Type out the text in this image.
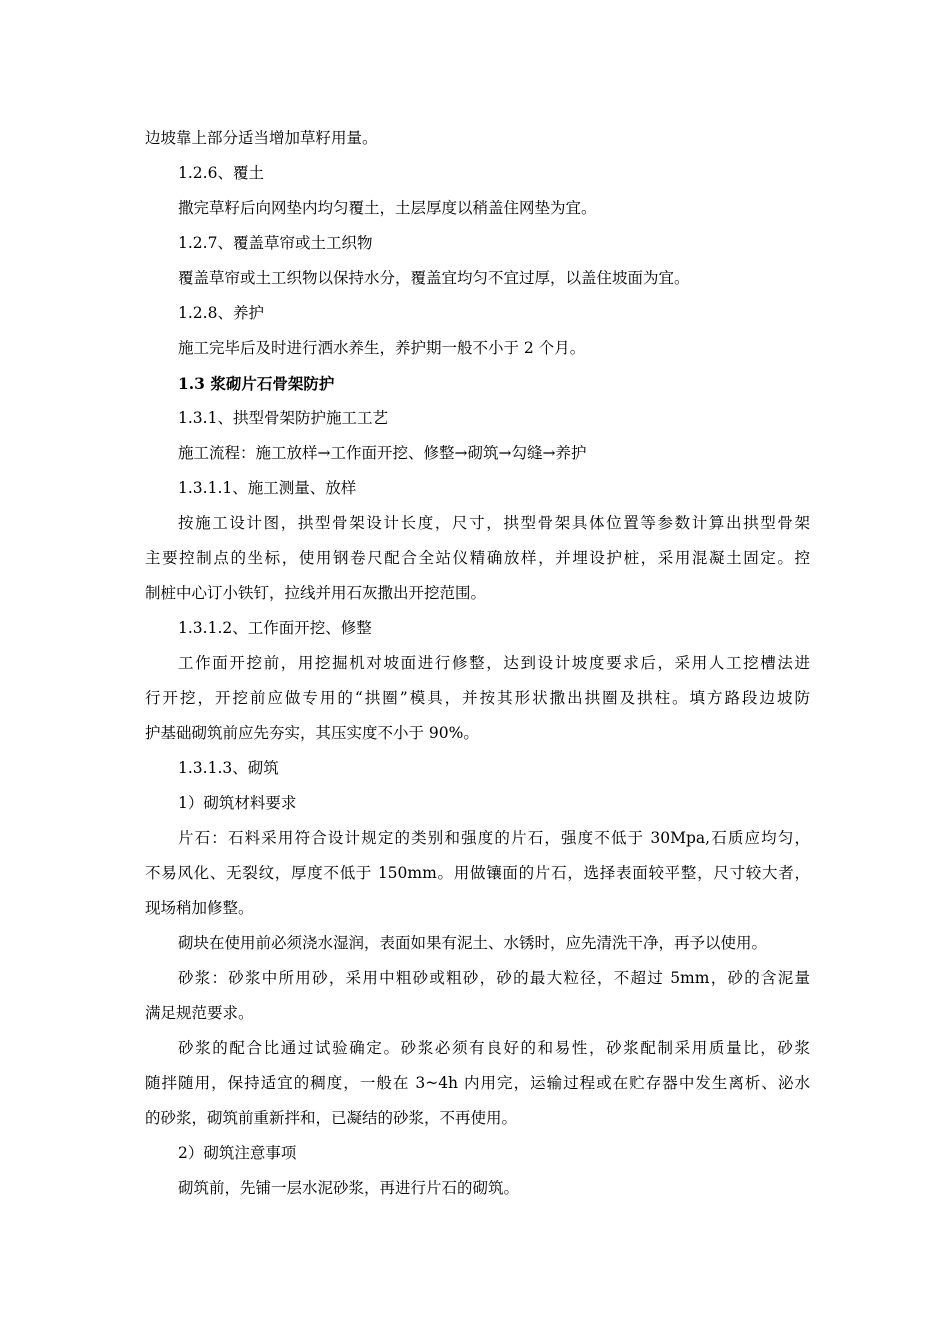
边坡靠上部分适当增加草籽用量。

1.2.6、覆土

撒完草籽后向网垫内均匀覆土，土层厚度以稍盖住网垫为宜。

1.2.7、覆盖草帘或土工织物

覆盖草帘或土工织物以保持水分，覆盖宜均匀不宜过厚，以盖住坡面为宜。

1.2.8、养护

施工完毕后及时进行洒水养生，养护期一般不小于 2 个月。

1.3 浆砌片石骨架防护

1.3.1、拱型骨架防护施工工艺

施工流程：施工放样→工作面开挖、修整→砌筑→勾缝→养护

1.3.1.1、施工测量、放样

按施工设计图，拱型骨架设计长度，尺寸，拱型骨架具体位置等参数计算出拱型骨架

主要控制点的坐标，使用钢卷尺配合全站仪精确放样，并埋设护桩，采用混凝土固定。控

制桩中心订小铁钉，拉线并用石灰撒出开挖范围。

1.3.1.2、工作面开挖、修整

工作面开挖前，用挖掘机对坡面进行修整，达到设计坡度要求后，采用人工挖槽法进

行开挖，开挖前应做专用的“拱圈”模具，并按其形状撒出拱圈及拱柱。填方路段边坡防

护基础砌筑前应先夯实，其压实度不小于 90%。

1.3.1.3、砌筑

1）砌筑材料要求

片石：石料采用符合设计规定的类别和强度的片石，强度不低于 30Mpa,石质应均匀，

不易风化、无裂纹，厚度不低于 150mm。用做镶面的片石，选择表面较平整，尺寸较大者，

现场稍加修整。

砌块在使用前必须浇水湿润，表面如果有泥土、水锈时，应先清洗干净，再予以使用。

砂浆：砂浆中所用砂，采用中粗砂或粗砂，砂的最大粒径，不超过 5mm，砂的含泥量

满足规范要求。

砂浆的配合比通过试验确定。砂浆必须有良好的和易性，砂浆配制采用质量比，砂浆

随拌随用，保持适宜的稠度，一般在 3~4h 内用完，运输过程或在贮存器中发生离析、泌水

的砂浆，砌筑前重新拌和，已凝结的砂浆，不再使用。

2）砌筑注意事项

砌筑前，先铺一层水泥砂浆，再进行片石的砌筑。
